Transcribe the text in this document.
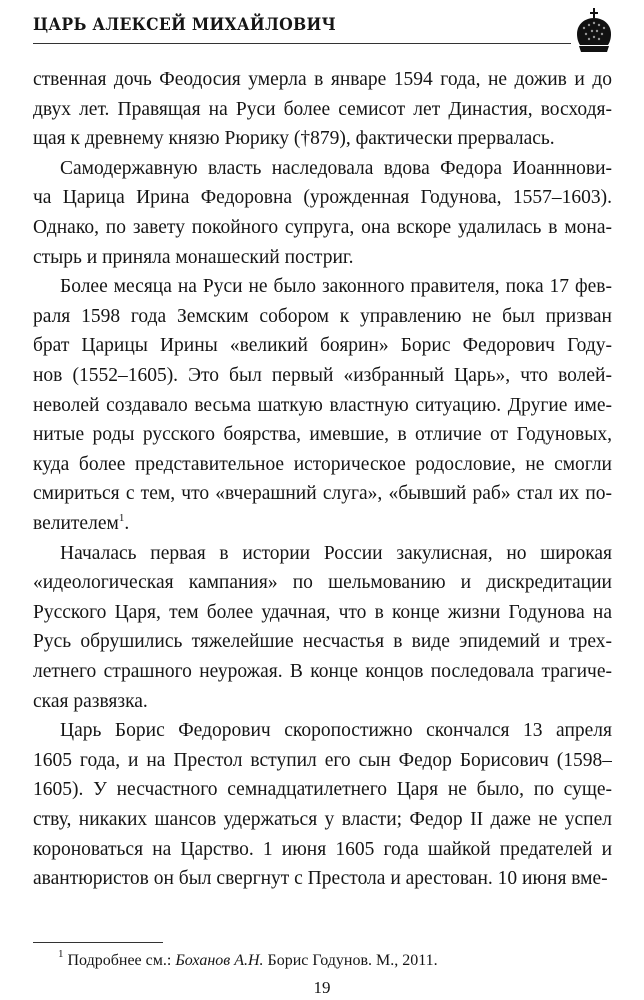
ЦАРЬ АЛЕКСЕЙ МИХАЙЛОВИЧ
ственная дочь Феодосия умерла в январе 1594 года, не дожив и до
двух лет. Правящая на Руси более семисот лет Династия, восходя-
щая к древнему князю Рюрику (†879), фактически прервалась.
Самодержавную власть наследовала вдова Федора Иоанннови-
ча Царица Ирина Федоровна (урожденная Годунова, 1557–1603).
Однако, по завету покойного супруга, она вскоре удалилась в мона-
стырь и приняла монашеский постриг.
Более месяца на Руси не было законного правителя, пока 17 фев-
раля 1598 года Земским собором к управлению не был призван
брат Царицы Ирины «великий боярин» Борис Федорович Году-
нов (1552–1605). Это был первый «избранный Царь», что волей-
неволей создавало весьма шаткую властную ситуацию. Другие име-
нитые роды русского боярства, имевшие, в отличие от Годуновых,
куда более представительное историческое родословие, не смогли
смириться с тем, что «вчерашний слуга», «бывший раб» стал их по-
велителем$^1$.
Началась первая в истории России закулисная, но широкая
«идеологическая кампания» по шельмованию и дискредитации
Русского Царя, тем более удачная, что в конце жизни Годунова на
Русь обрушились тяжелейшие несчастья в виде эпидемий и трех-
летнего страшного неурожая. В конце концов последовала трагиче-
ская развязка.
Царь Борис Федорович скоропостижно скончался 13 апреля
1605 года, и на Престол вступил его сын Федор Борисович (1598–
1605). У несчастного семнадцатилетнего Царя не было, по суще-
ству, никаких шансов удержаться у власти; Федор II даже не успел
короноваться на Царство. 1 июня 1605 года шайкой предателей и
авантюристов он был свергнут с Престола и арестован. 10 июня вме-
$^1$ Подробнее см.: Боханов А.Н. Борис Годунов. М., 2011.
19
